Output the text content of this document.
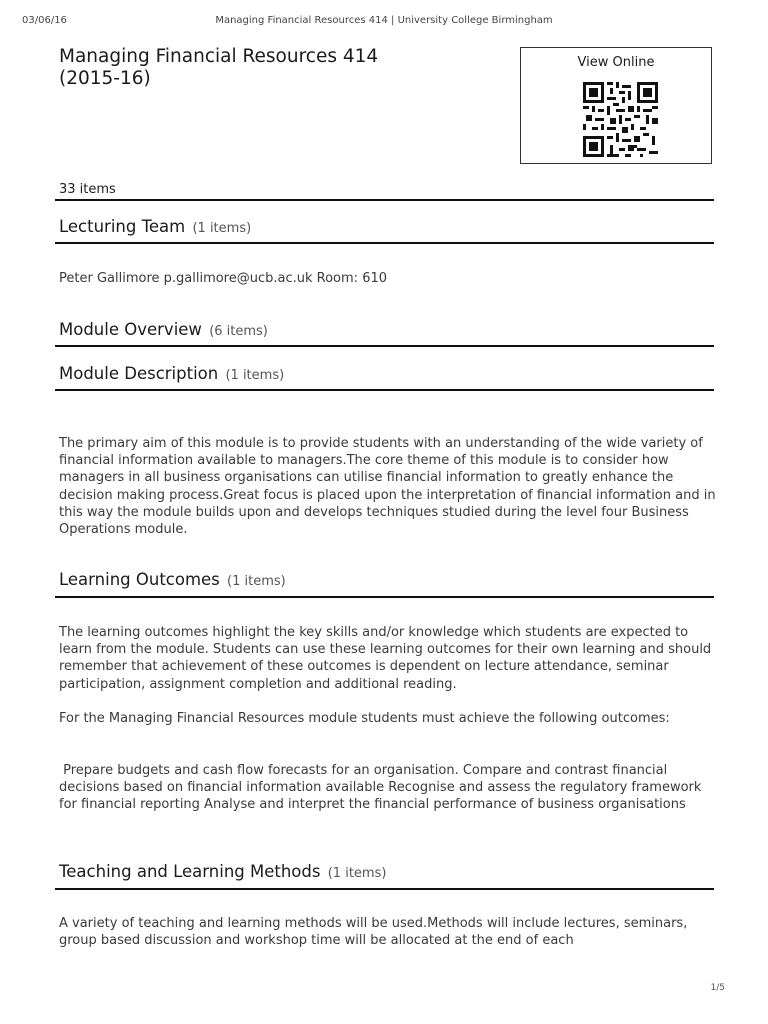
03/06/16	Managing Financial Resources 414 | University College Birmingham
Managing Financial Resources 414
(2015-16)
View Online
33 items
Lecturing Team (1 items)
Peter Gallimore p.gallimore@ucb.ac.uk Room: 610
Module Overview (6 items)
Module Description (1 items)
The primary aim of this module is to provide students with an understanding of the wide variety of financial information available to managers.The core theme of this module is to consider how managers in all business organisations can utilise financial information to greatly enhance the decision making process.Great focus is placed upon the interpretation of financial information and in this way the module builds upon and develops techniques studied during the level four Business Operations module.
Learning Outcomes (1 items)
The learning outcomes highlight the key skills and/or knowledge which students are expected to learn from the module. Students can use these learning outcomes for their own learning and should remember that achievement of these outcomes is dependent on lecture attendance, seminar participation, assignment completion and additional reading.
For the Managing Financial Resources module students must achieve the following outcomes:
Prepare budgets and cash flow forecasts for an organisation. Compare and contrast financial decisions based on financial information available Recognise and assess the regulatory framework for financial reporting Analyse and interpret the financial performance of business organisations
Teaching and Learning Methods (1 items)
A variety of teaching and learning methods will be used.Methods will include lectures, seminars, group based discussion and workshop time will be allocated at the end of each
1/5
